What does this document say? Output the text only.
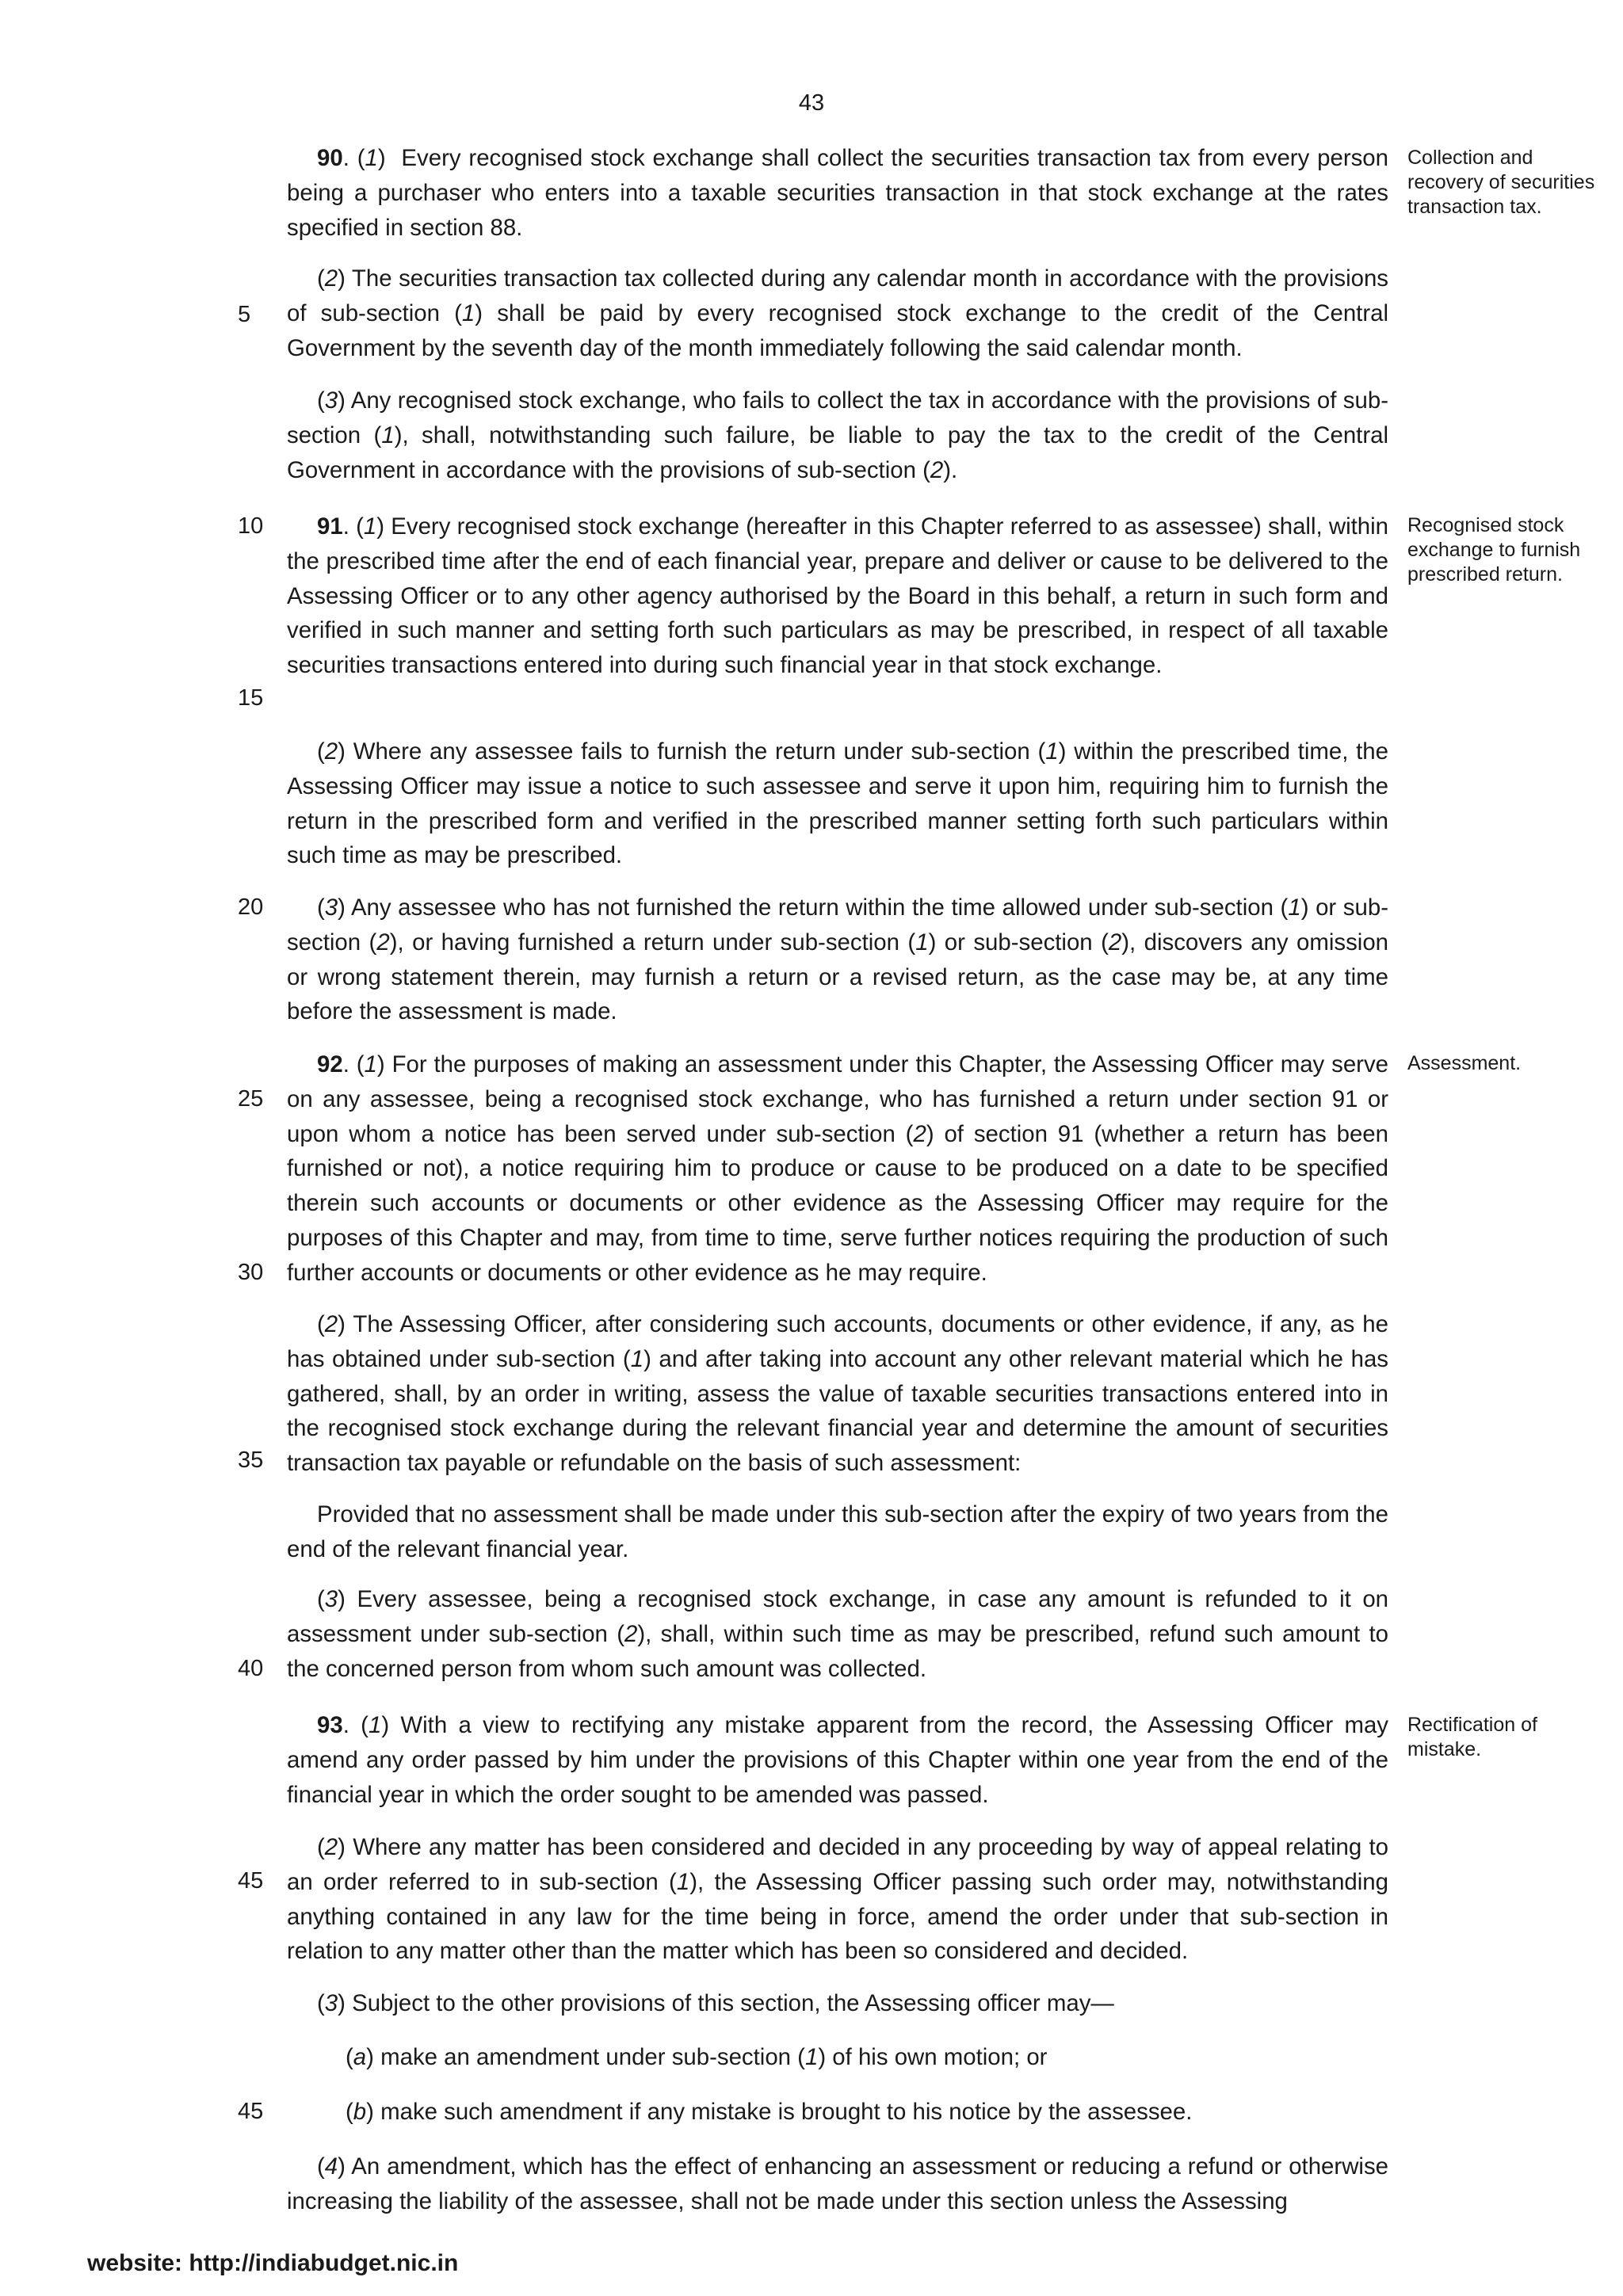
43

90. (1)  Every recognised stock exchange shall collect the securities transaction tax from every person being a purchaser who enters into a taxable securities transaction in that stock exchange at the rates specified in section 88.

(2) The securities transaction tax collected during any calendar month in accordance with the provisions of sub-section (1) shall be paid by every recognised stock exchange to the credit of the Central Government by the seventh day of the month immediately following the said calendar month.

(3) Any recognised stock exchange, who fails to collect the tax in accordance with the provisions of sub-section (1), shall, notwithstanding such failure, be liable to pay the tax to the credit of the Central Government in accordance with the provisions of sub-section (2).

91. (1) Every recognised stock exchange (hereafter in this Chapter referred to as assessee) shall, within the prescribed time after the end of each financial year, prepare and deliver or cause to be delivered to the Assessing Officer or to any other agency authorised by the Board in this behalf, a return in such form and verified in such manner and setting forth such particulars as may be prescribed, in respect of all taxable securities transactions entered into during such financial year in that stock exchange.

(2) Where any assessee fails to furnish the return under sub-section (1) within the prescribed time, the Assessing Officer may issue a notice to such assessee and serve it upon him, requiring him to furnish the return in the prescribed form and verified in the prescribed manner setting forth such particulars within such time as may be prescribed.

(3) Any assessee who has not furnished the return within the time allowed under sub-section (1) or sub-section (2), or having furnished a return under sub-section (1) or sub-section (2), discovers any omission or wrong statement therein, may furnish a return or a revised return, as the case may be, at any time before the assessment is made.

92. (1) For the purposes of making an assessment under this Chapter, the Assessing Officer may serve on any assessee, being a recognised stock exchange, who has furnished a return under section 91 or upon whom a notice has been served under sub-section (2) of section 91 (whether a return has been furnished or not), a notice requiring him to produce or cause to be produced on a date to be specified therein such accounts or documents or other evidence as the Assessing Officer may require for the purposes of this Chapter and may, from time to time, serve further notices requiring the production of such further accounts or documents or other evidence as he may require.

(2) The Assessing Officer, after considering such accounts, documents or other evidence, if any, as he has obtained under sub-section (1) and after taking into account any other relevant material which he has gathered, shall, by an order in writing, assess the value of taxable securities transactions entered into in the recognised stock exchange during the relevant financial year and determine the amount of securities transaction tax payable or refundable on the basis of such assessment:

Provided that no assessment shall be made under this sub-section after the expiry of two years from the end of the relevant financial year.

(3) Every assessee, being a recognised stock exchange, in case any amount is refunded to it on assessment under sub-section (2), shall, within such time as may be prescribed, refund such amount to the concerned person from whom such amount was collected.

93. (1) With a view to rectifying any mistake apparent from the record, the Assessing Officer may amend any order passed by him under the provisions of this Chapter within one year from the end of the financial year in which the order sought to be amended was passed.

(2) Where any matter has been considered and decided in any proceeding by way of appeal relating to an order referred to in sub-section (1), the Assessing Officer passing such order may, notwithstanding anything contained in any law for the time being in force, amend the order under that sub-section in relation to any matter other than the matter which has been so considered and decided.

(3) Subject to the other provisions of this section, the Assessing officer may—

(a) make an amendment under sub-section (1) of his own motion; or

(b) make such amendment if any mistake is brought to his notice by the assessee.

(4) An amendment, which has the effect of enhancing an assessment or reducing a refund or otherwise increasing the liability of the assessee, shall not be made under this section unless the Assessing

5
10
15
20
25
30
35
40
45
45
Collection and recovery of securities transaction tax.
Recognised stock exchange to furnish prescribed return.
Assessment.
Rectification of mistake.
website: http://indiabudget.nic.in
